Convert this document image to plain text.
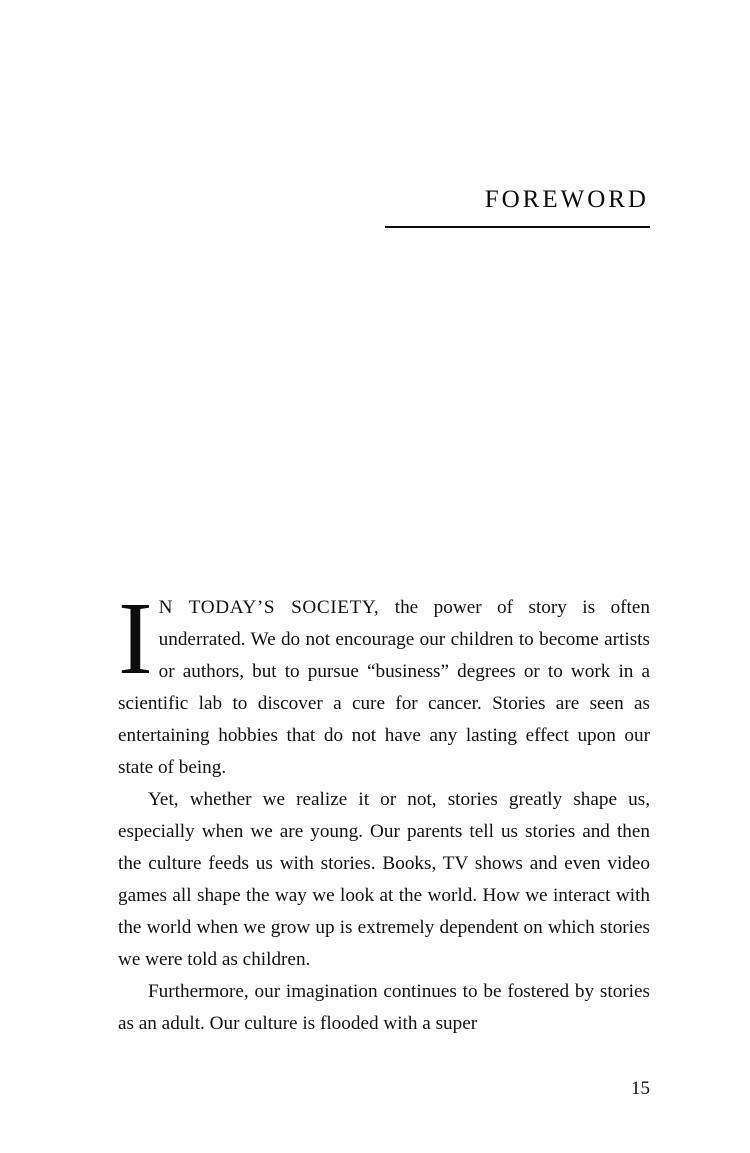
FOREWORD

I N TODAY’S SOCIETY, the power of story is often underrated. We do not encourage our children to become artists or authors, but to pursue “business” degrees or to work in a scientific lab to discover a cure for cancer. Stories are seen as entertaining hobbies that do not have any lasting effect upon our state of being.

Yet, whether we realize it or not, stories greatly shape us, especially when we are young. Our parents tell us stories and then the culture feeds us with stories. Books, TV shows and even video games all shape the way we look at the world. How we interact with the world when we grow up is extremely dependent on which stories we were told as children.

Furthermore, our imagination continues to be fostered by stories as an adult. Our culture is flooded with a super

15
